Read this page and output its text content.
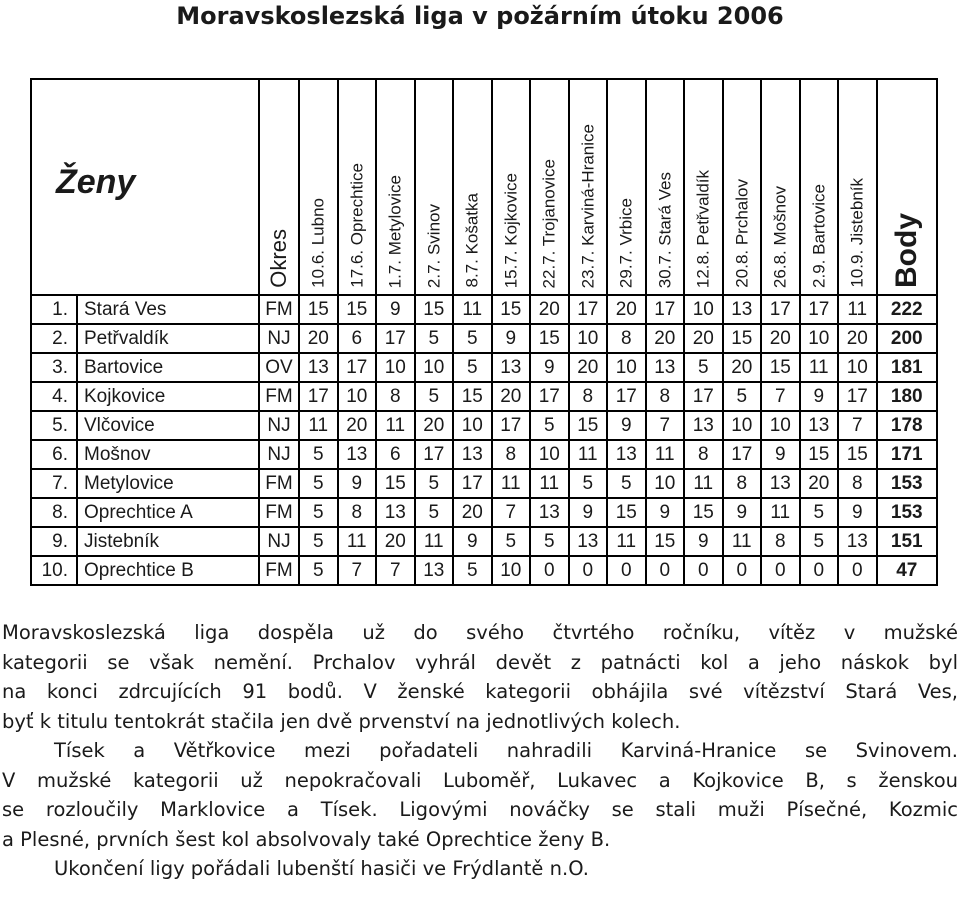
Moravskoslezská liga v požárním útoku 2006
Ženy		Okres	10.6. Lubno	17.6. Oprechtice	1.7. Metylovice	2.7. Svinov	8.7. Košatka	15.7. Kojkovice	22.7. Trojanovice	23.7. Karviná-Hranice	29.7. Vrbice	30.7. Stará Ves	12.8. Petřvaldík	20.8. Prchalov	26.8. Mošnov	2.9. Bartovice	10.9. Jistebník	Body

1.	Stará Ves	FM	15	15	9	15	11	15	20	17	20	17	10	13	17	17	11	222
2.	Petřvaldík	NJ	20	6	17	5	5	9	15	10	8	20	20	15	20	10	20	200
3.	Bartovice	OV	13	17	10	10	5	13	9	20	10	13	5	20	15	11	10	181
4.	Kojkovice	FM	17	10	8	5	15	20	17	8	17	8	17	5	7	9	17	180
5.	Vlčovice	NJ	11	20	11	20	10	17	5	15	9	7	13	10	10	13	7	178
6.	Mošnov	NJ	5	13	6	17	13	8	10	11	13	11	8	17	9	15	15	171
7.	Metylovice	FM	5	9	15	5	17	11	11	5	5	10	11	8	13	20	8	153
8.	Oprechtice A	FM	5	8	13	5	20	7	13	9	15	9	15	9	11	5	9	153
9.	Jistebník	NJ	5	11	20	11	9	5	5	13	11	15	9	11	8	5	13	151
10.	Oprechtice B	FM	5	7	7	13	5	10	0	0	0	0	0	0	0	0	0	47
Moravskoslezská liga dospěla už do svého čtvrtého ročníku, vítěz v mužské
kategorii se však nemění. Prchalov vyhrál devět z patnácti kol a jeho náskok byl
na konci zdrcujících 91 bodů. V ženské kategorii obhájila své vítězství Stará Ves,
byť k titulu tentokrát stačila jen dvě prvenství na jednotlivých kolech.
Tísek a Větřkovice mezi pořadateli nahradili Karviná-Hranice se Svinovem.
V mužské kategorii už nepokračovali Luboměř, Lukavec a Kojkovice B, s ženskou
se rozloučily Marklovice a Tísek. Ligovými nováčky se stali muži Písečné, Kozmic
a Plesné, prvních šest kol absolvovaly také Oprechtice ženy B.
Ukončení ligy pořádali lubenští hasiči ve Frýdlantě n.O.
